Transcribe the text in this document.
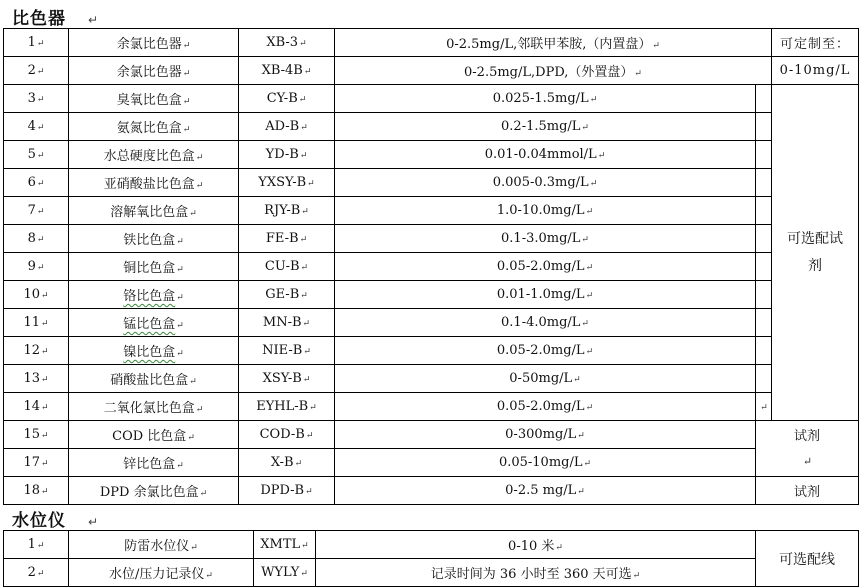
比色器 ↵
1↵	余氯比色器↵	XB-3↵	0-2.5mg/L,邻联甲苯胺,（内置盘）↵		可定制至：
2↵	余氯比色器↵	XB-4B↵	0-2.5mg/L,DPD,（外置盘）↵		0-10mg/L
3↵	臭氧比色盒↵	CY-B↵	0.025-1.5mg/L↵		可选配试
剂

4↵	氨氮比色盒↵	AD-B↵	0.2-1.5mg/L↵		
5↵	水总硬度比色盒↵	YD-B↵	0.01-0.04mmol/L↵		
6↵	亚硝酸盐比色盒↵	YXSY-B↵	0.005-0.3mg/L↵		
7↵	溶解氧比色盒↵	RJY-B↵	1.0-10.0mg/L↵		
8↵	铁比色盒↵	FE-B↵	0.1-3.0mg/L↵		
9↵	铜比色盒↵	CU-B↵	0.05-2.0mg/L↵		
10↵	铬比色盒↵	GE-B↵	0.01-1.0mg/L↵		
11↵	锰比色盒↵	MN-B↵	0.1-4.0mg/L↵		
12↵	镍比色盒↵	NIE-B↵	0.05-2.0mg/L↵		
13↵	硝酸盐比色盒↵	XSY-B↵	0-50mg/L↵		
14↵	二氧化氯比色盒↵	EYHL-B↵	0.05-2.0mg/L↵	↵	
15↵	COD 比色盒↵	COD-B↵	0-300mg/L↵	试剂
↵	

17↵	锌比色盒↵	X-B↵	0.05-10mg/L↵		
18↵	DPD 余氯比色盒↵	DPD-B↵	0-2.5 mg/L↵	试剂	
水位仪 ↵
1↵	防雷水位仪↵	XMTL↵	0-10 米↵	可选配线
2↵	水位/压力记录仪↵	WYLY↵	记录时间为 36 小时至 360 天可选↵	
